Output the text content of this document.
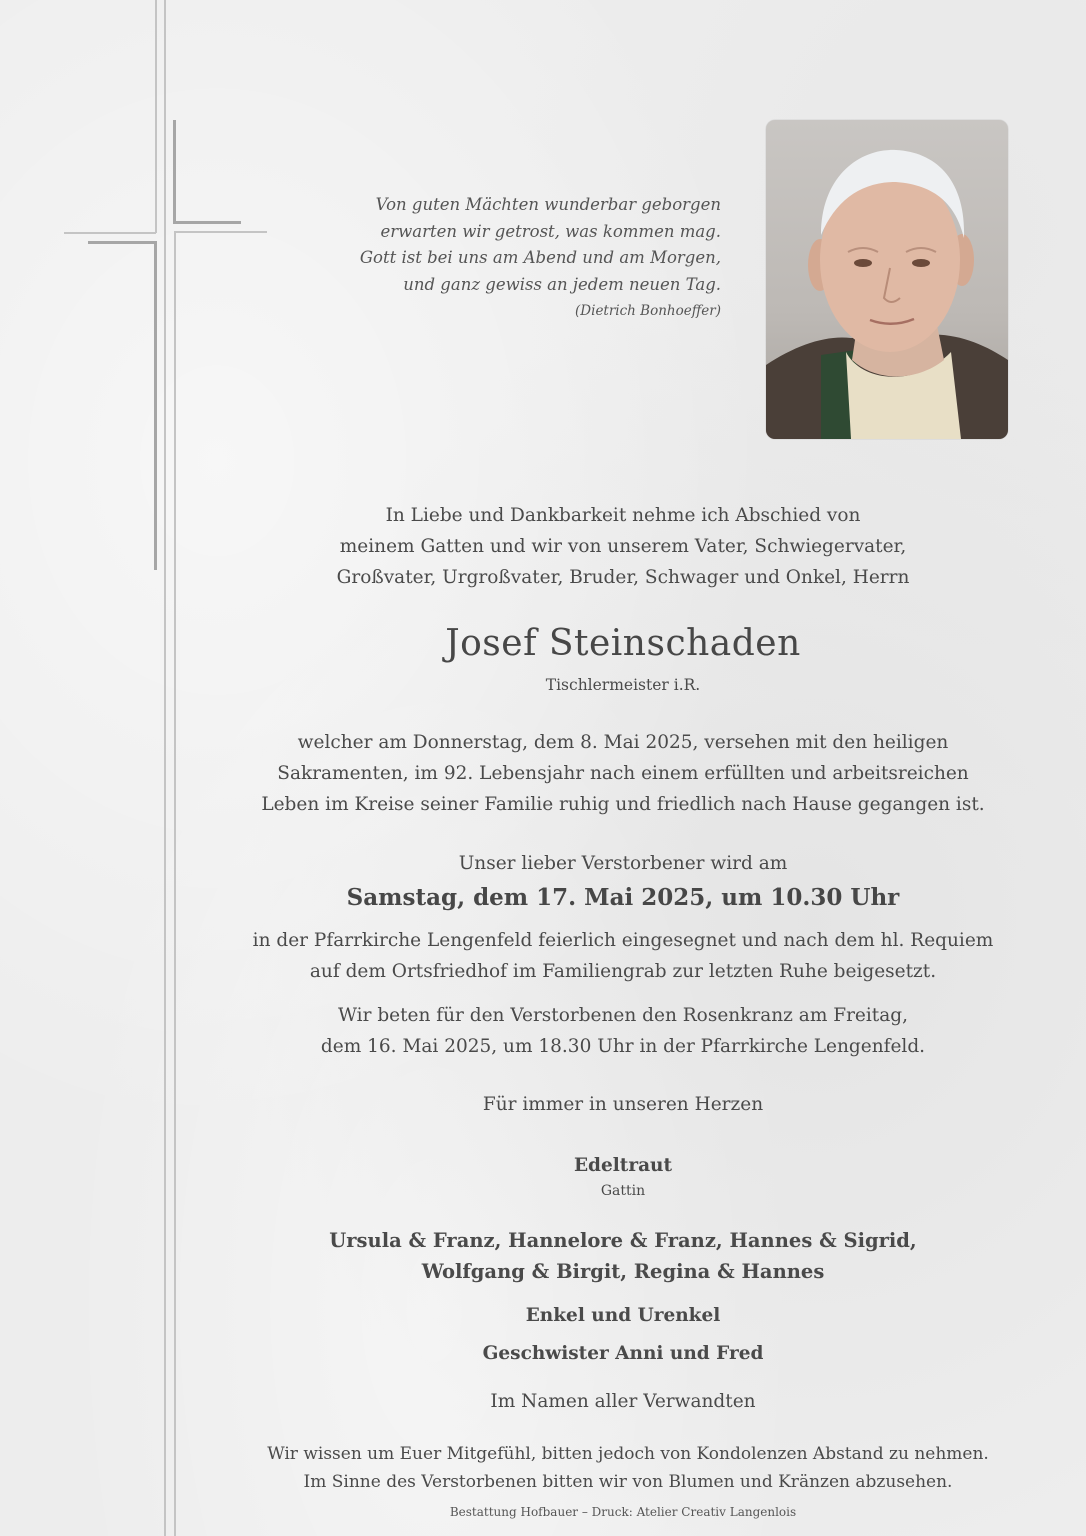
Von guten Mächten wunderbar geborgen
erwarten wir getrost, was kommen mag.
Gott ist bei uns am Abend und am Morgen,
und ganz gewiss an jedem neuen Tag.
(Dietrich Bonhoeffer)
In Liebe und Dankbarkeit nehme ich Abschied von
meinem Gatten und wir von unserem Vater, Schwiegervater,
Großvater, Urgroßvater, Bruder, Schwager und Onkel, Herrn
Josef Steinschaden
Tischlermeister i.R.
welcher am Donnerstag, dem 8. Mai 2025, versehen mit den heiligen
Sakramenten, im 92. Lebensjahr nach einem erfüllten und arbeitsreichen
Leben im Kreise seiner Familie ruhig und friedlich nach Hause gegangen ist.
Unser lieber Verstorbener wird am
Samstag, dem 17. Mai 2025, um 10.30 Uhr
in der Pfarrkirche Lengenfeld feierlich eingesegnet und nach dem hl. Requiem
auf dem Ortsfriedhof im Familiengrab zur letzten Ruhe beigesetzt.
Wir beten für den Verstorbenen den Rosenkranz am Freitag,
dem 16. Mai 2025, um 18.30 Uhr in der Pfarrkirche Lengenfeld.
Für immer in unseren Herzen
Edeltraut
Gattin
Ursula & Franz, Hannelore & Franz, Hannes & Sigrid,
Wolfgang & Birgit, Regina & Hannes
Enkel und Urenkel
Geschwister Anni und Fred
Im Namen aller Verwandten
Wir wissen um Euer Mitgefühl, bitten jedoch von Kondolenzen Abstand zu nehmen.
Im Sinne des Verstorbenen bitten wir von Blumen und Kränzen abzusehen.
Bestattung Hofbauer – Druck: Atelier Creativ Langenlois
